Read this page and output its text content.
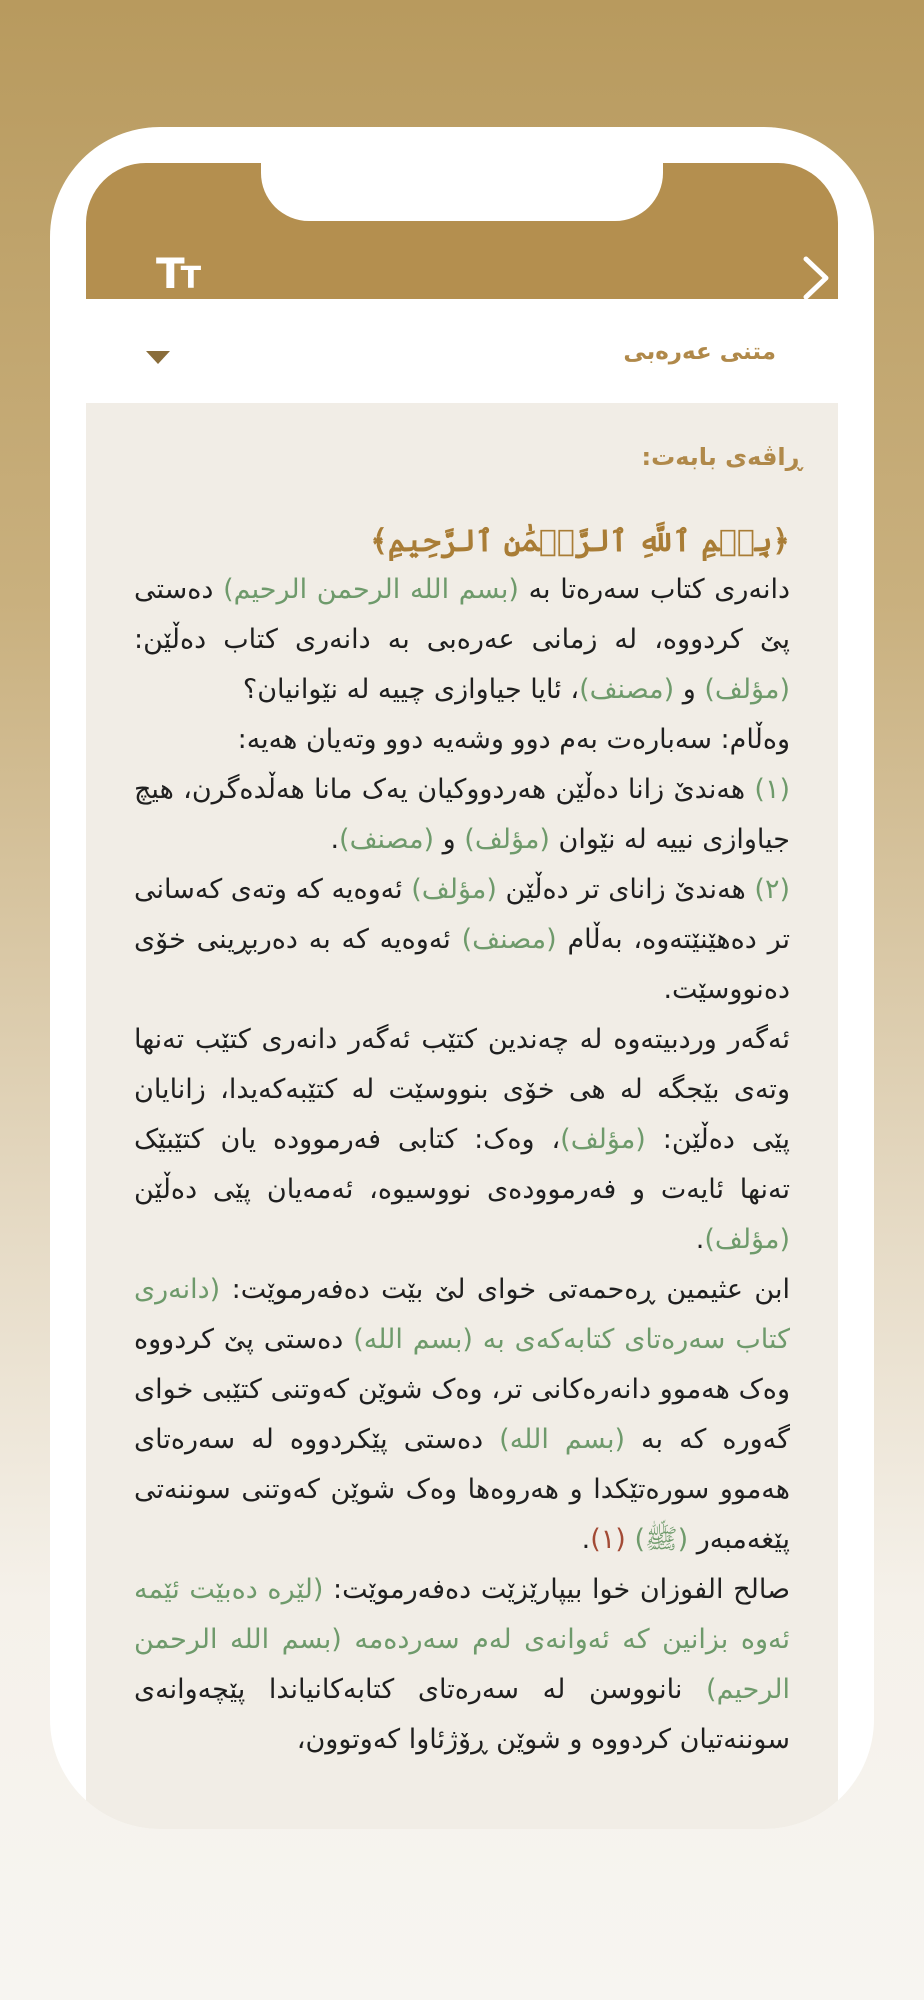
TT
متنی عەرەبی
ڕاڤەی بابەت:
﴿بِسۡمِ ٱللَّهِ ٱلرَّحۡمَٰنِ ٱلرَّحِيمِ﴾

دانەری کتاب سەرەتا بە (بسم الله الرحمن الرحيم) دەستی پێ کردووە، لە زمانی عەرەبی بە دانەری کتاب دەڵێن: (مؤلف) و (مصنف)، ئایا جیاوازی چییە لە نێوانیان؟

وەڵام: سەبارەت بەم دوو وشەیە دوو وتەیان هەیە:

(١) هەندێ زانا دەڵێن هەردووکیان یەک مانا هەڵدەگرن، هیچ جیاوازی نییە لە نێوان (مؤلف) و (مصنف).

(٢) هەندێ زانای تر دەڵێن (مؤلف) ئەوەیە کە وتەی کەسانی تر دەهێنێتەوە، بەڵام (مصنف) ئەوەیە کە بە دەربڕینی خۆی دەنووسێت.

ئەگەر وردبیتەوە لە چەندین کتێب ئەگەر دانەری کتێب تەنها وتەی بێجگە لە هی خۆی بنووسێت لە کتێبەکەیدا، زانایان پێی دەڵێن: (مؤلف)، وەک: کتابی فەرمووده یان کتێبێک تەنها ئایەت و فەرموودەی نووسیوە، ئەمەیان پێی دەڵێن (مؤلف).

ابن عثيمين ڕەحمەتی خوای لێ بێت دەفەرموێت: (دانەری کتاب سەرەتای کتابەکەی بە (بسم الله) دەستی پێ کردووە وەک هەموو دانەرەکانی تر، وەک شوێن کەوتنی کتێبی خوای گەورە کە بە (بسم الله) دەستی پێکردووە لە سەرەتای هەموو سورەتێکدا و هەروەها وەک شوێن کەوتنی سوننەتی پێغەمبەر (ﷺ) (١).

صالح الفوزان خوا بیپارێزێت دەفەرموێت: (لێرە دەبێت ئێمە ئەوە بزانین کە ئەوانەی لەم سەردەمە (بسم الله الرحمن الرحيم) نانووسن لە سەرەتای کتابەکانیاندا پێچەوانەی سوننەتیان کردووە و شوێن ڕۆژئاوا کەوتوون،
